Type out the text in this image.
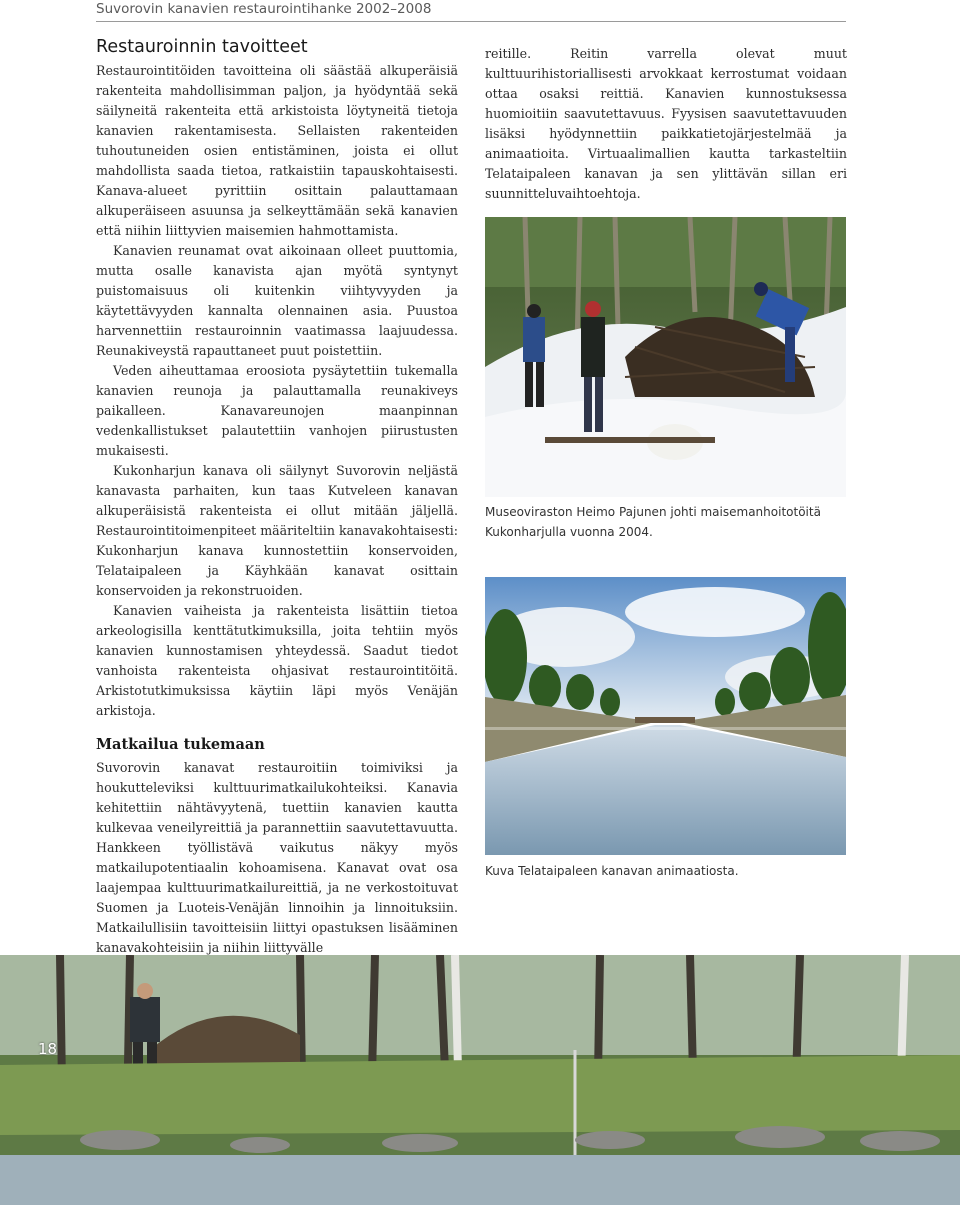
Suvorovin kanavien restaurointihanke 2002–2008
Restauroinnin tavoitteet

Restaurointitöiden tavoitteina oli säästää alkuperäisiä rakenteita mahdollisimman paljon, ja hyödyntää sekä säilyneitä rakenteita että arkistoista löytyneitä tietoja kanavien rakentamisesta. Sellaisten rakenteiden tuhoutuneiden osien entistäminen, joista ei ollut mahdollista saada tietoa, ratkaistiin tapauskohtaisesti. Kanava-alueet pyrittiin osittain palauttamaan alkuperäiseen asuunsa ja selkeyttämään sekä kanavien että niihin liittyvien maisemien hahmottamista.

Kanavien reunamat ovat aikoinaan olleet puuttomia, mutta osalle kanavista ajan myötä syntynyt puistomaisuus oli kuitenkin viihtyvyyden ja käytettävyyden kannalta olennainen asia. Puustoa harvennettiin restauroinnin vaatimassa laajuudessa. Reunakiveystä rapauttaneet puut poistettiin.

Veden aiheuttamaa eroosiota pysäytettiin tukemalla kanavien reunoja ja palauttamalla reunakiveys paikalleen. Kanavareunojen maanpinnan vedenkallistukset palautettiin vanhojen piirustusten mukaisesti.

Kukonharjun kanava oli säilynyt Suvorovin neljästä kanavasta parhaiten, kun taas Kutveleen kanavan alkuperäisistä rakenteista ei ollut mitään jäljellä. Restaurointitoimenpiteet määriteltiin kanavakohtaisesti: Kukonharjun kanava kunnostettiin konservoiden, Telataipaleen ja Käyhkään kanavat osittain konservoiden ja rekonstruoiden.

Kanavien vaiheista ja rakenteista lisättiin tietoa arkeologisilla kenttätutkimuksilla, joita tehtiin myös kanavien kunnostamisen yhteydessä. Saadut tiedot vanhoista rakenteista ohjasivat restaurointitöitä. Arkistotutkimuksissa käytiin läpi myös Venäjän arkistoja.

Matkailua tukemaan

Suvorovin kanavat restauroitiin toimiviksi ja houkutteleviksi kulttuurimatkailukohteiksi. Kanavia kehitettiin nähtävyytenä, tuettiin kanavien kautta kulkevaa veneilyreittiä ja parannettiin saavutettavuutta. Hankkeen työllistävä vaikutus näkyy myös matkailupotentiaalin kohoamisena. Kanavat ovat osa laajempaa kulttuurimatkailureittiä, ja ne verkostoituvat Suomen ja Luoteis-Venäjän linnoihin ja linnoituksiin. Matkailullisiin tavoitteisiin liittyi opastuksen lisääminen kanavakohteisiin ja niihin liittyvälle

reitille. Reitin varrella olevat muut kulttuurihistoriallisesti arvokkaat kerrostumat voidaan ottaa osaksi reittiä. Kanavien kunnostuksessa huomioitiin saavutettavuus. Fyysisen saavutettavuuden lisäksi hyödynnettiin paikkatietojärjestelmää ja animaatioita. Virtuaalimallien kautta tarkasteltiin Telataipaleen kanavan ja sen ylittävän sillan eri suunnitteluvaihtoehtoja.

Museoviraston Heimo Pajunen johti maisemanhoitotöitä Kukonharjulla vuonna 2004.
Kuva Telataipaleen kanavan animaatiosta.
18
